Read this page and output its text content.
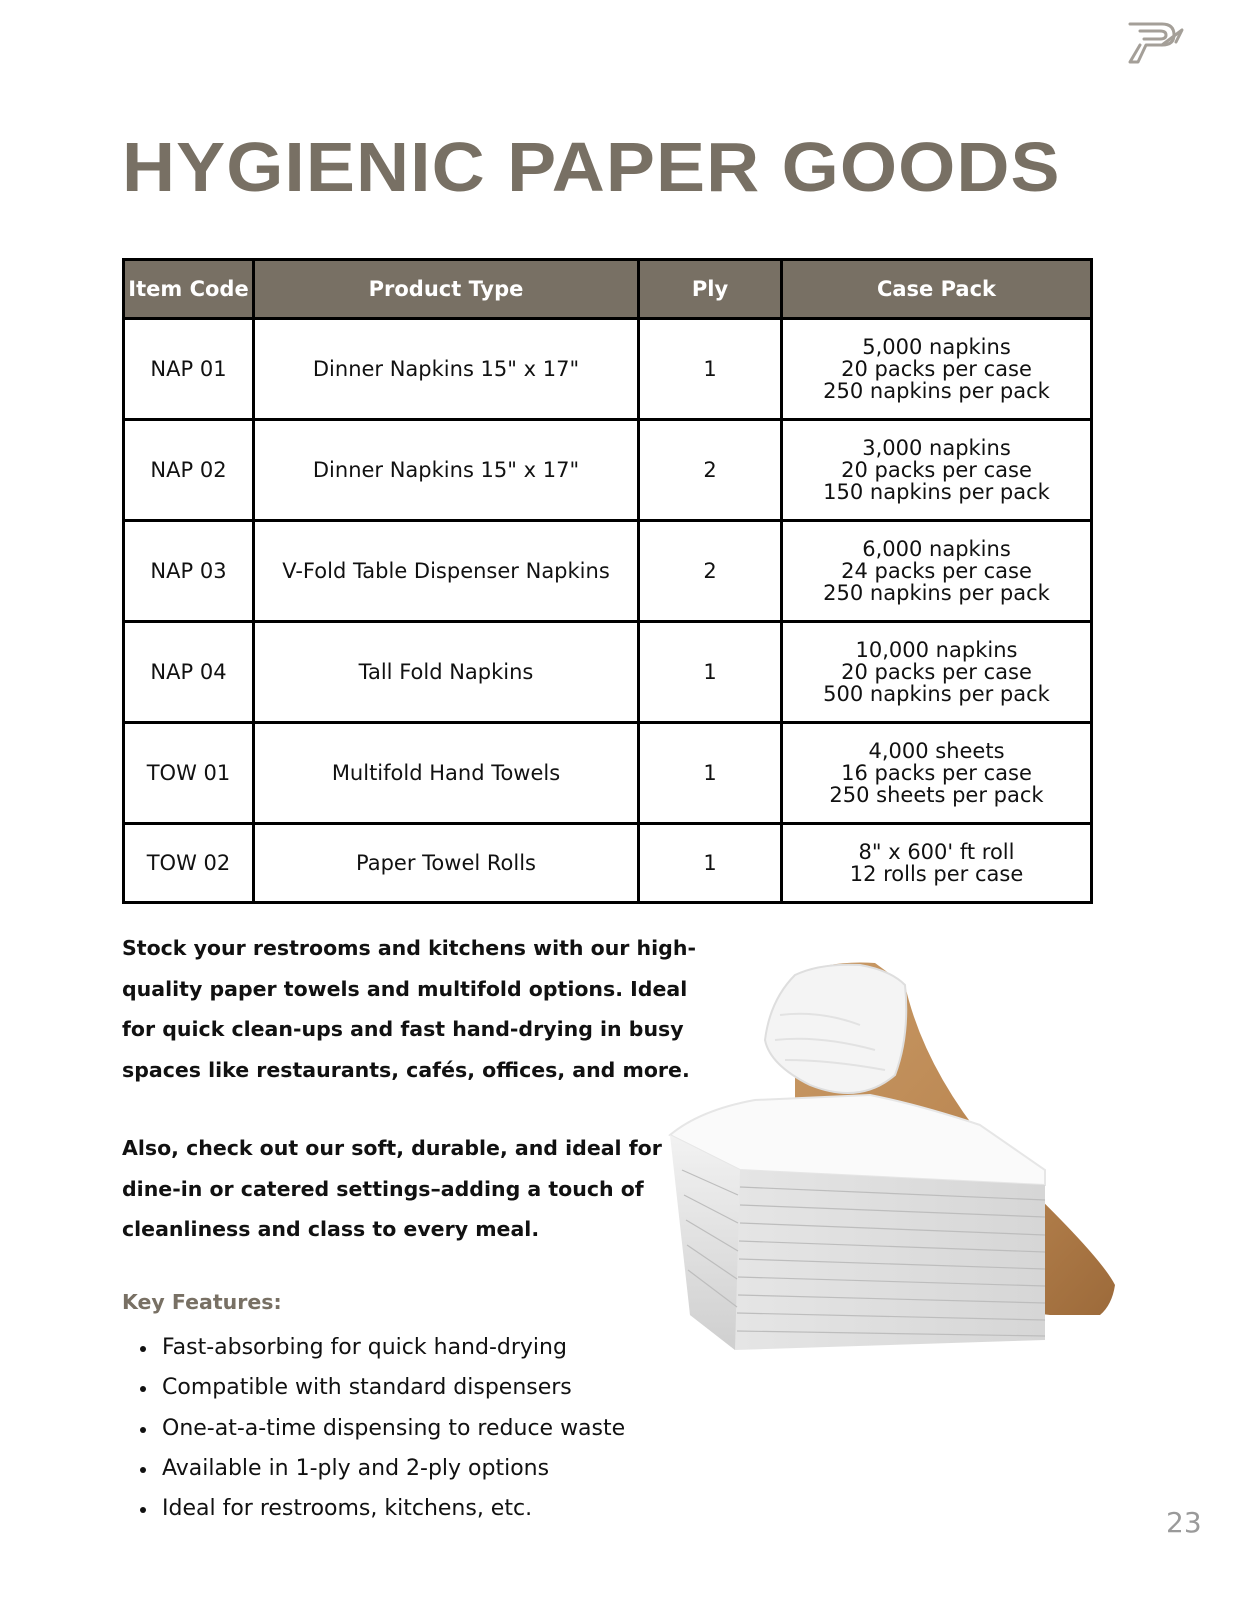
HYGIENIC PAPER GOODS
Item Code	Product Type	Ply	Case Pack
NAP 01	Dinner Napkins 15" x 17"	1	5,000 napkins
20 packs per case
250 napkins per pack

NAP 02	Dinner Napkins 15" x 17"	2	3,000 napkins
20 packs per case
150 napkins per pack

NAP 03	V-Fold Table Dispenser Napkins	2	6,000 napkins
24 packs per case
250 napkins per pack

NAP 04	Tall Fold Napkins	1	10,000 napkins
20 packs per case
500 napkins per pack

TOW 01	Multifold Hand Towels	1	4,000 sheets
16 packs per case
250 sheets per pack

TOW 02	Paper Towel Rolls	1	8" x 600' ft roll
12 rolls per case

Stock your restrooms and kitchens with our high-quality paper towels and multifold options. Ideal for quick clean-ups and fast hand-drying in busy spaces like restaurants, cafés, offices, and more.

Also, check out our soft, durable, and ideal for dine-in or catered settings–adding a touch of cleanliness and class to every meal.

Key Features:
Fast-absorbing for quick hand-drying
Compatible with standard dispensers
One-at-a-time dispensing to reduce waste
Available in 1-ply and 2-ply options
Ideal for restrooms, kitchens, etc.	23
